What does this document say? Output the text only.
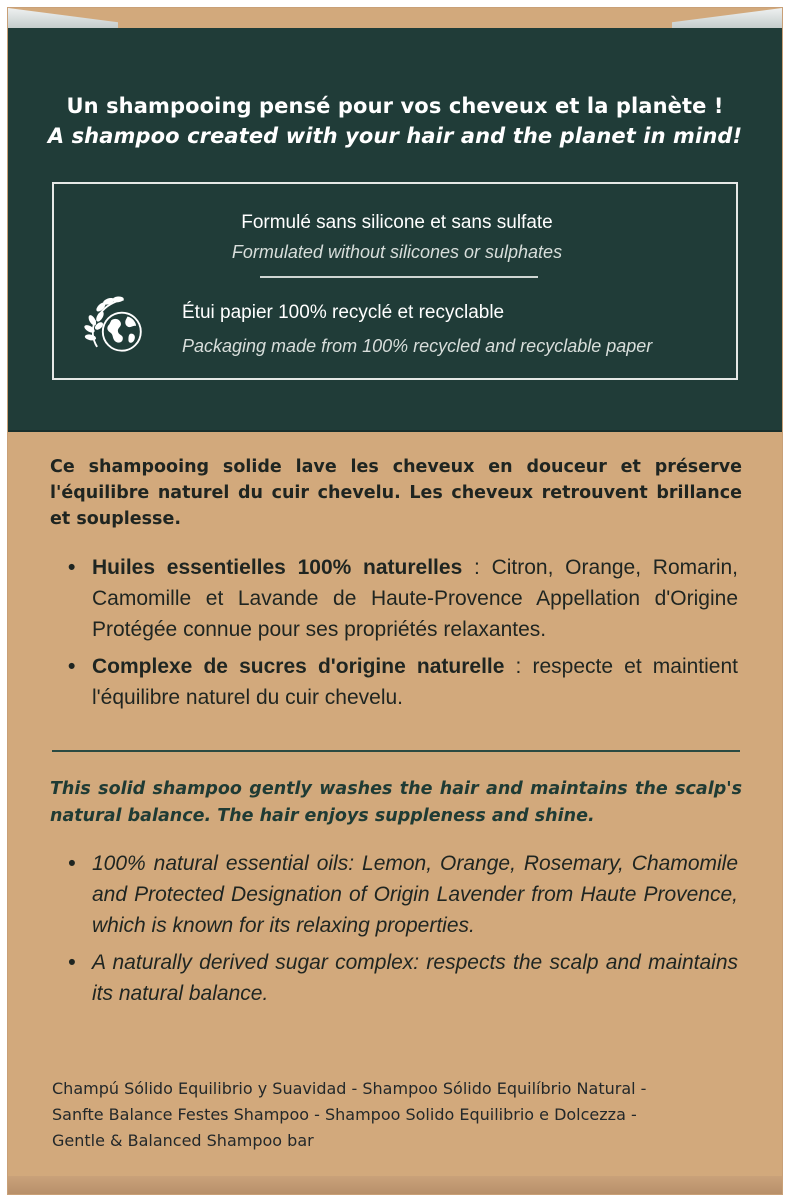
Un shampooing pensé pour vos cheveux et la planète !
A shampoo created with your hair and the planet in mind!
Formulé sans silicone et sans sulfate
Formulated without silicones or sulphates
Étui papier 100% recyclé et recyclable
Packaging made from 100% recycled and recyclable paper
Ce shampooing solide lave les cheveux en douceur et préserve l'équilibre naturel du cuir chevelu. Les cheveux retrouvent brillance et souplesse.
• Huiles essentielles 100% naturelles : Citron, Orange, Romarin, Camomille et Lavande de Haute-Provence Appellation d'Origine Protégée connue pour ses propriétés relaxantes.
• Complexe de sucres d'origine naturelle : respecte et maintient l'équilibre naturel du cuir chevelu.
This solid shampoo gently washes the hair and maintains the scalp's natural balance. The hair enjoys suppleness and shine.
• 100% natural essential oils: Lemon, Orange, Rosemary, Chamomile and Protected Designation of Origin Lavender from Haute Provence, which is known for its relaxing properties.
• A naturally derived sugar complex: respects the scalp and maintains its natural balance.
Champú Sólido Equilibrio y Suavidad - Shampoo Sólido Equilíbrio Natural -
Sanfte Balance Festes Shampoo - Shampoo Solido Equilibrio e Dolcezza -
Gentle & Balanced Shampoo bar
